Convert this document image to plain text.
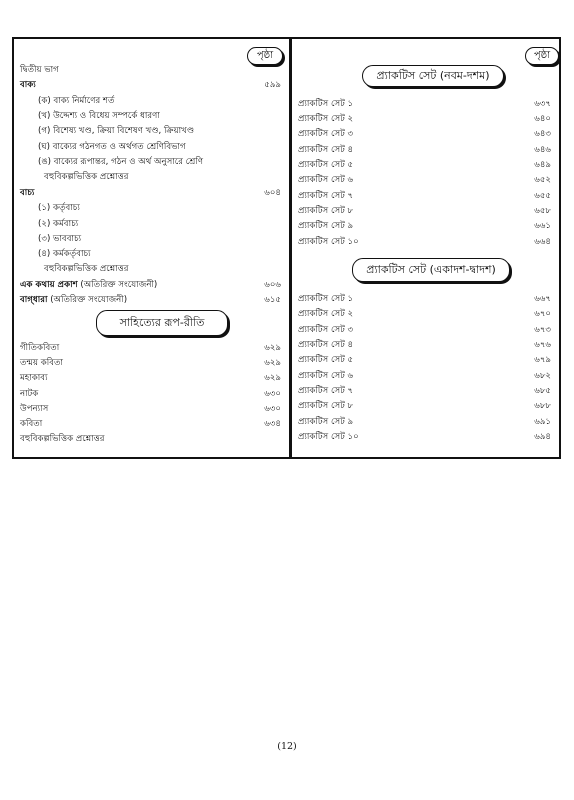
পৃষ্ঠা
দ্বিতীয় ভাগ
বাক্য	৫৯৯
(ক) বাক্য নির্মাণের শর্ত
(খ) উদ্দেশ্য ও বিধেয় সম্পর্কে ধারণা
(গ) বিশেষ্য খণ্ড, ক্রিয়া বিশেষণ খণ্ড, ক্রিয়াখণ্ড
(ঘ) বাক্যের গঠনগত ও অর্থগত শ্রেণিবিভাগ
(ঙ) বাক্যের রূপান্তর, গঠন ও অর্থ অনুসারে শ্রেণি
বহুবিকল্পভিত্তিক প্রশ্নোত্তর
বাচ্য	৬০৪
(১) কর্তৃবাচ্য
(২) কর্মবাচ্য
(৩) ভাববাচ্য
(৪) কর্মকর্তৃবাচ্য
বহুবিকল্পভিত্তিক প্রশ্নোত্তর
এক কথায় প্রকাশ (অতিরিক্ত সংযোজনী)	৬০৬
বাগ্‌ধারা (অতিরিক্ত সংযোজনী)	৬১৫
সাহিত্যের রূপ-রীতি
গীতিকবিতা	৬২৯
তন্ময় কবিতা	৬২৯
মহাকাব্য	৬২৯
নাটক	৬৩০
উপন্যাস	৬৩০
কবিতা	৬৩৪
বহুবিকল্পভিত্তিক প্রশ্নোত্তর
পৃষ্ঠা
প্র্যাকটিস সেট (নবম-দশম)
প্র্যাকটিস সেট ১	৬৩৭
প্র্যাকটিস সেট ২	৬৪০
প্র্যাকটিস সেট ৩	৬৪৩
প্র্যাকটিস সেট ৪	৬৪৬
প্র্যাকটিস সেট ৫	৬৪৯
প্র্যাকটিস সেট ৬	৬৫২
প্র্যাকটিস সেট ৭	৬৫৫
প্র্যাকটিস সেট ৮	৬৫৮
প্র্যাকটিস সেট ৯	৬৬১
প্র্যাকটিস সেট ১০	৬৬৪
প্র্যাকটিস সেট (একাদশ-দ্বাদশ)
প্র্যাকটিস সেট ১	৬৬৭
প্র্যাকটিস সেট ২	৬৭০
প্র্যাকটিস সেট ৩	৬৭৩
প্র্যাকটিস সেট ৪	৬৭৬
প্র্যাকটিস সেট ৫	৬৭৯
প্র্যাকটিস সেট ৬	৬৮২
প্র্যাকটিস সেট ৭	৬৮৫
প্র্যাকটিস সেট ৮	৬৮৮
প্র্যাকটিস সেট ৯	৬৯১
প্র্যাকটিস সেট ১০	৬৯৪
(12)
